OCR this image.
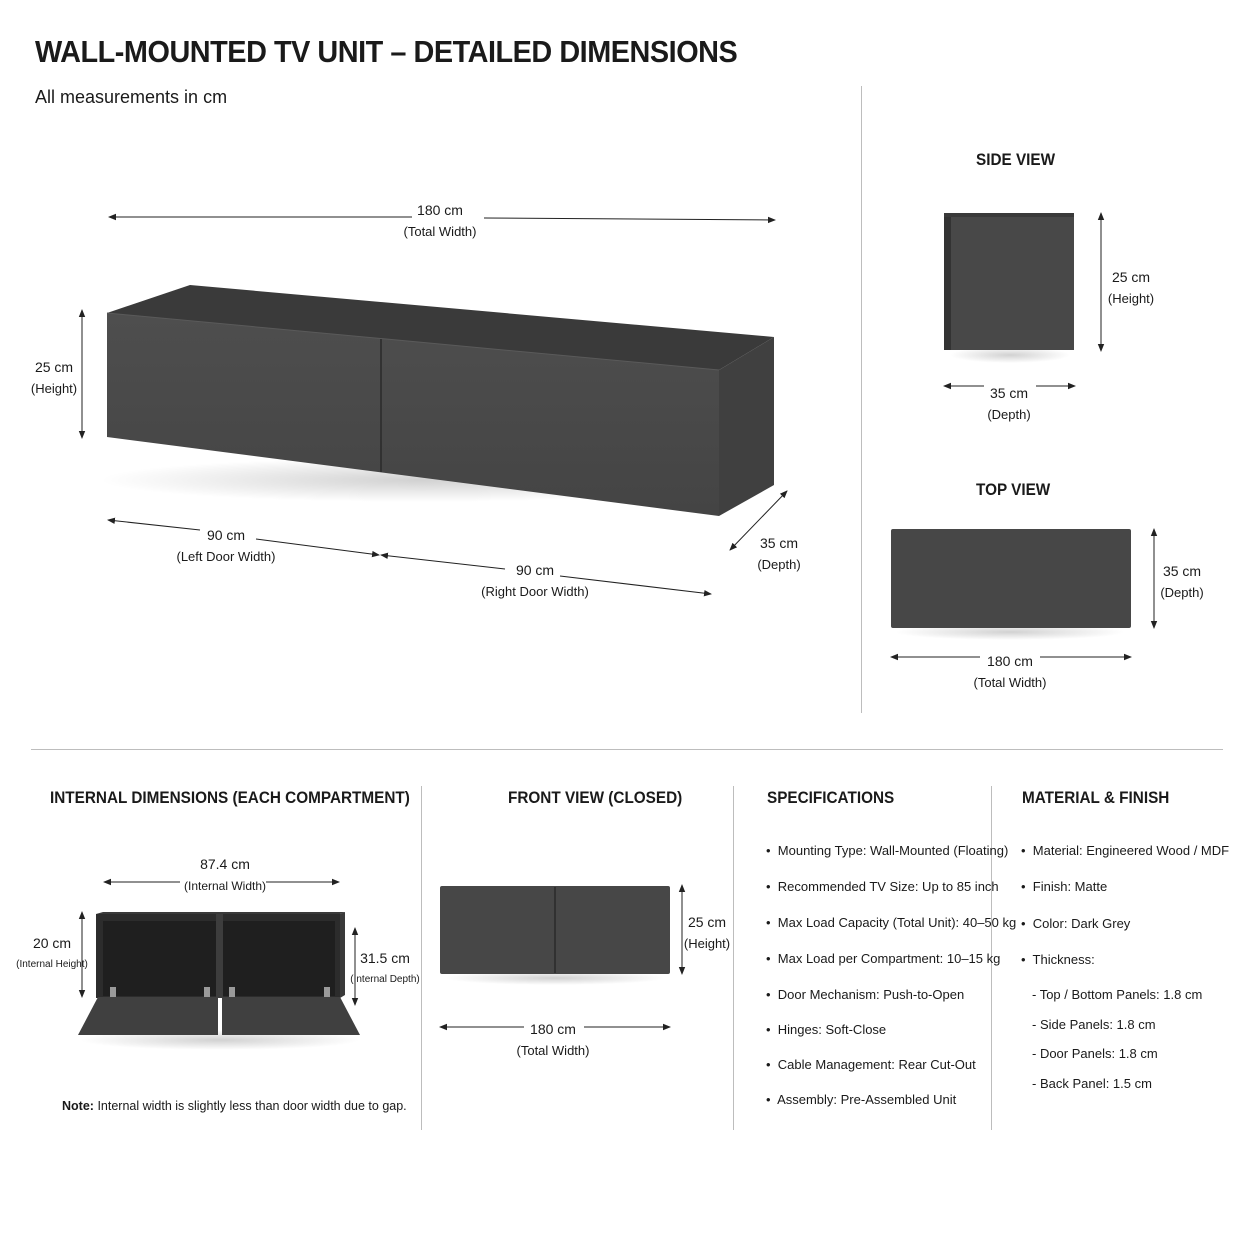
WALL-MOUNTED TV UNIT – DETAILED DIMENSIONS
All measurements in cm
180 cm
(Total Width)
25 cm
(Height)
90 cm
(Left Door Width)
90 cm
(Right Door Width)
35 cm
(Depth)
SIDE VIEW
25 cm
(Height)
35 cm
(Depth)
TOP VIEW
35 cm
(Depth)
180 cm
(Total Width)
INTERNAL DIMENSIONS (EACH COMPARTMENT)
87.4 cm
(Internal Width)
20 cm
(Internal Height)	31.5 cm
(Internal Depth)
Note: Internal width is slightly less than door width due to gap.
FRONT VIEW (CLOSED)
25 cm
(Height)
180 cm
(Total Width)
SPECIFICATIONS
•  Mounting Type: Wall-Mounted (Floating)
•  Recommended TV Size: Up to 85 inch
•  Max Load Capacity (Total Unit): 40–50 kg
•  Max Load per Compartment: 10–15 kg
•  Door Mechanism: Push-to-Open
•  Hinges: Soft-Close
•  Cable Management: Rear Cut-Out
•  Assembly: Pre-Assembled Unit
MATERIAL & FINISH
•  Material: Engineered Wood / MDF
•  Finish: Matte
•  Color: Dark Grey
•  Thickness:
- Top / Bottom Panels: 1.8 cm
- Side Panels: 1.8 cm
- Door Panels: 1.8 cm
- Back Panel: 1.5 cm
